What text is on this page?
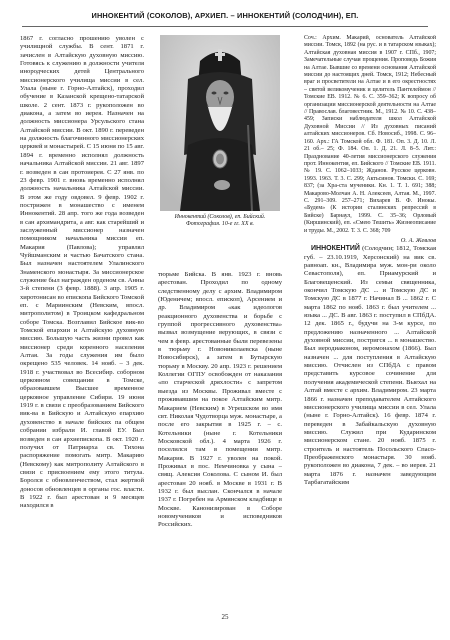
ИННОКЕНТИЙ (СОКОЛОВ), АРХИЕП. – ИННОКЕНТИЙ (СОЛОДЧИН), ЕП.

1867 г. согласно прошению уволен с училищной службы. В сент. 1871 г. зачислен в Алтайскую духовную миссию. Готовясь к служению в должности учителя инородческих детей Центрального миссионерского училища миссии в сел. Улала (ныне г. Горно-Алтайск), проходил обучение в Казанской крещено-татарской школе. 2 сент. 1873 г. рукоположен во диакона, а затем во иерея. Назначен на должность миссионера Урсульского стана Алтайской миссии. В окт. 1890 г. переведен на должность благочинного миссионерских церквей и монастырей. С 15 июня по 15 авг. 1894 г. временно исполнял должность начальника Алтайской миссии. 21 авг. 1897 г. возведен в сан протоиерея. С 27 янв. по 23 февр. 1901 г. вновь временно исполнял должность начальника Алтайской миссии. В этом же году овдовел. 9 февр. 1902 г. пострижен в монашество с именем Иннокентий. 28 апр. того же года возведен в сан архимандрита, а авг. как старейший и заслуженный миссионер назначен помощником начальника миссии еп. Макария (Павлова); управлял Чуйшманским и частью Бачатского стана. Был назначен настоятелем Улалинского Знаменского монастыря. За миссионерское служение был награжден орденом св. Анны 3-й степени (3 февр. 1888). 3 апр. 1905 г. хиротонисан во епископа Бийского Томской еп. с Мариинским (Невским, впосл. митрополитом) в Троицком кафедральном соборе Томска. Возглавил Бийское вик-во Томской епархии и Алтайскую духовную миссию. Большую часть жизни провел как миссионер среди коренного населения Алтая. За годы служения им было окрещено 535 человек. 14 нояб. – 3 дек. 1918 г. участвовал во Всесибир. соборном церковном совещании в Томске, образовавшем Высшее временное церковное управление Сибири. 19 июня 1919 г. в связи с преобразованием Бийского вик-ва в Бийскую и Алтайскую епархию духовенство в начале бийских па общем собрании избрали И. главой ЕУ. Был возведен в сан архиепископа. В окт. 1920 г. получил от Патриарха св. Тихона распоряжение помогать митр. Макарию (Невскому) как митрополиту Алтайского в связи с присвоением ему этого титула. Боролся с обновленчеством, стал жертвой доносов обновленцев в органы гос. власти. В 1922 г. был арестован и 9 месяцев находился в

Иннокентий (Соколов), еп. Бийский. Фотография. 10-е гг. XX в.

тюрьме Бийска. В янв. 1923 г. вновь арестован. Проходил по одному следственному делу с архим. Владимиром (Юденичем; впосл. епископ), Арсением и др. Владимиром «как идеологов реакционного духовенства и борьбе с группой прогрессивного духовенства» вызвал возмущение верующих, в связи с чем в февр. арестованные были перевезены в тюрьму г. Новониколаевска (ныне Новосибирск), а затем в Бутырскую тюрьму в Москву. 20 апр. 1923 г. решением Коллегии ОГПУ освобожден от наказания «по старческой дряхлости» с запретом выезда из Москвы. Проживал вместе с проживавшим на покое Алтайским митр. Макарием (Невским) в Угрешском во имя свт. Николая Чудотворца муж. монастыре, а после его закрытия в 1925 г. – с. Котельники (ныне г. Котельники Московской обл.). 4 марта 1926 г. поселился там в помещении митр. Макария. В 1927 г. уволен на покой. Проживал в пос. Немчиновка у сына – свящ. Алексия Соколова. С сыном И. был арестован 20 нояб. в Москве в 1931 г. В 1932 г. был выслан. Скончался в начале 1937 г. Погребен на Армянском кладбище в Москве. Канонизирован в Соборе новомучеников и исповедников Российских.

Соч.: Архим. Макарий, основатель Алтайской миссии. Томск, 1892 (на рус. и в татарском языках); Алтайская духовная миссия в 1907 г. СПб., 1907; Замечательные случаи прощения. Проповедь Божия на Алтае. Бывшие со времени основания Алтайской миссии до настоящих дней. Томск, 1912; Небесный враг и просветители на Алтае и в его окрестностях – святой великомученик и целитель Пантелеймон // Томские ЕВ. 1912. № 6. С. 359–362; К вопросу об организации миссионерской деятельности на Алтае // Православ. благовестник. М., 1912. № 10. С. 438–459; Записки наблюдателя школ Алтайской Духовной Миссии // Из духовных писаний алтайских миссионеров. Сб. Новосиб., 1998. С. 96–160. Арх.: ГА Томской обл. Ф. 181. Оп. 3. Д. 10. Л. 21 об.– 25; Ф. 184. Оп. 1. Д. 21. Л. 8–5. Лит.: Празднование 40-летия миссионерского служения прот. Иннокентия, еп. Бийского // Томские ЕВ. 1911. № 19. С. 1062–1033; Жданов. Русское церковн. 1993. 1963. Т. 3. С. 299; Актьсинов. Томски. С. 169; 837; (за Хра-ста мученики. Кн. 1. Т. 1. 691; 388; Макарово-Молчан А. Н. Алексеев, Алтая. М., 1997. С. 291–309. 257–271; Вихарев В. Ф. Инокы. «Будем» (К истории сталинских репрессий в Бийске) Барнаул, 1999. С. 35–36; Орловый (Киршинский), еп. «Смею Тешить» Жизнеописание и труды. М., 2002. Т. 3. С. 368; 709

О. А. Жевлов

ИННОКЕНТИЙ (Солодчин; 1812, Томская губ. – 23.10.1919, Херсонский) на вик св. равноап. кн., Владимира муж. мон-ри около Севастополя), еп. Приамурский и Благовещенский. Из семьи священника, окончил Томскую ДС ... и Томскую ДС и Томскую ДС в 1877 г. Начинал В ... 1862 г. С марта 1862 по нояб. 1863 г. был учителем ... языка ... ДС. В авг. 1863 г. поступил в СПбДА. 12 дек. 1865 г., будучи на 3-м курсе, по предложению назначенного ... Алтайской духовной миссии, постригся ... в монашество. Был иеродиаконом, иеромонахом (1866). Был назначен ... для поступления в Алтайскую миссию. Отчислен из СПбДА с правом представить курсовое сочинение для получения академической степени. Выехал на Алтай вместе с архим. Владимиром. 23 марта 1866 г. назначен преподавателем Алтайского миссионерского училища миссии в сел. Улала (ныне г. Горно-Алтайск). 16 февр. 1874 г. переведен в Забайкальскую духовную миссию. Служил при Кударинском миссионерском стане. 20 нояб. 1875 г. строитель и настоятель Посольского Спасо-Преображенского монастыря. 30 нояб. рукоположен во диакона, 7 дек. – во иерея. 21 марта 1876 г. назначен заведующим Тарбагатайским

25
